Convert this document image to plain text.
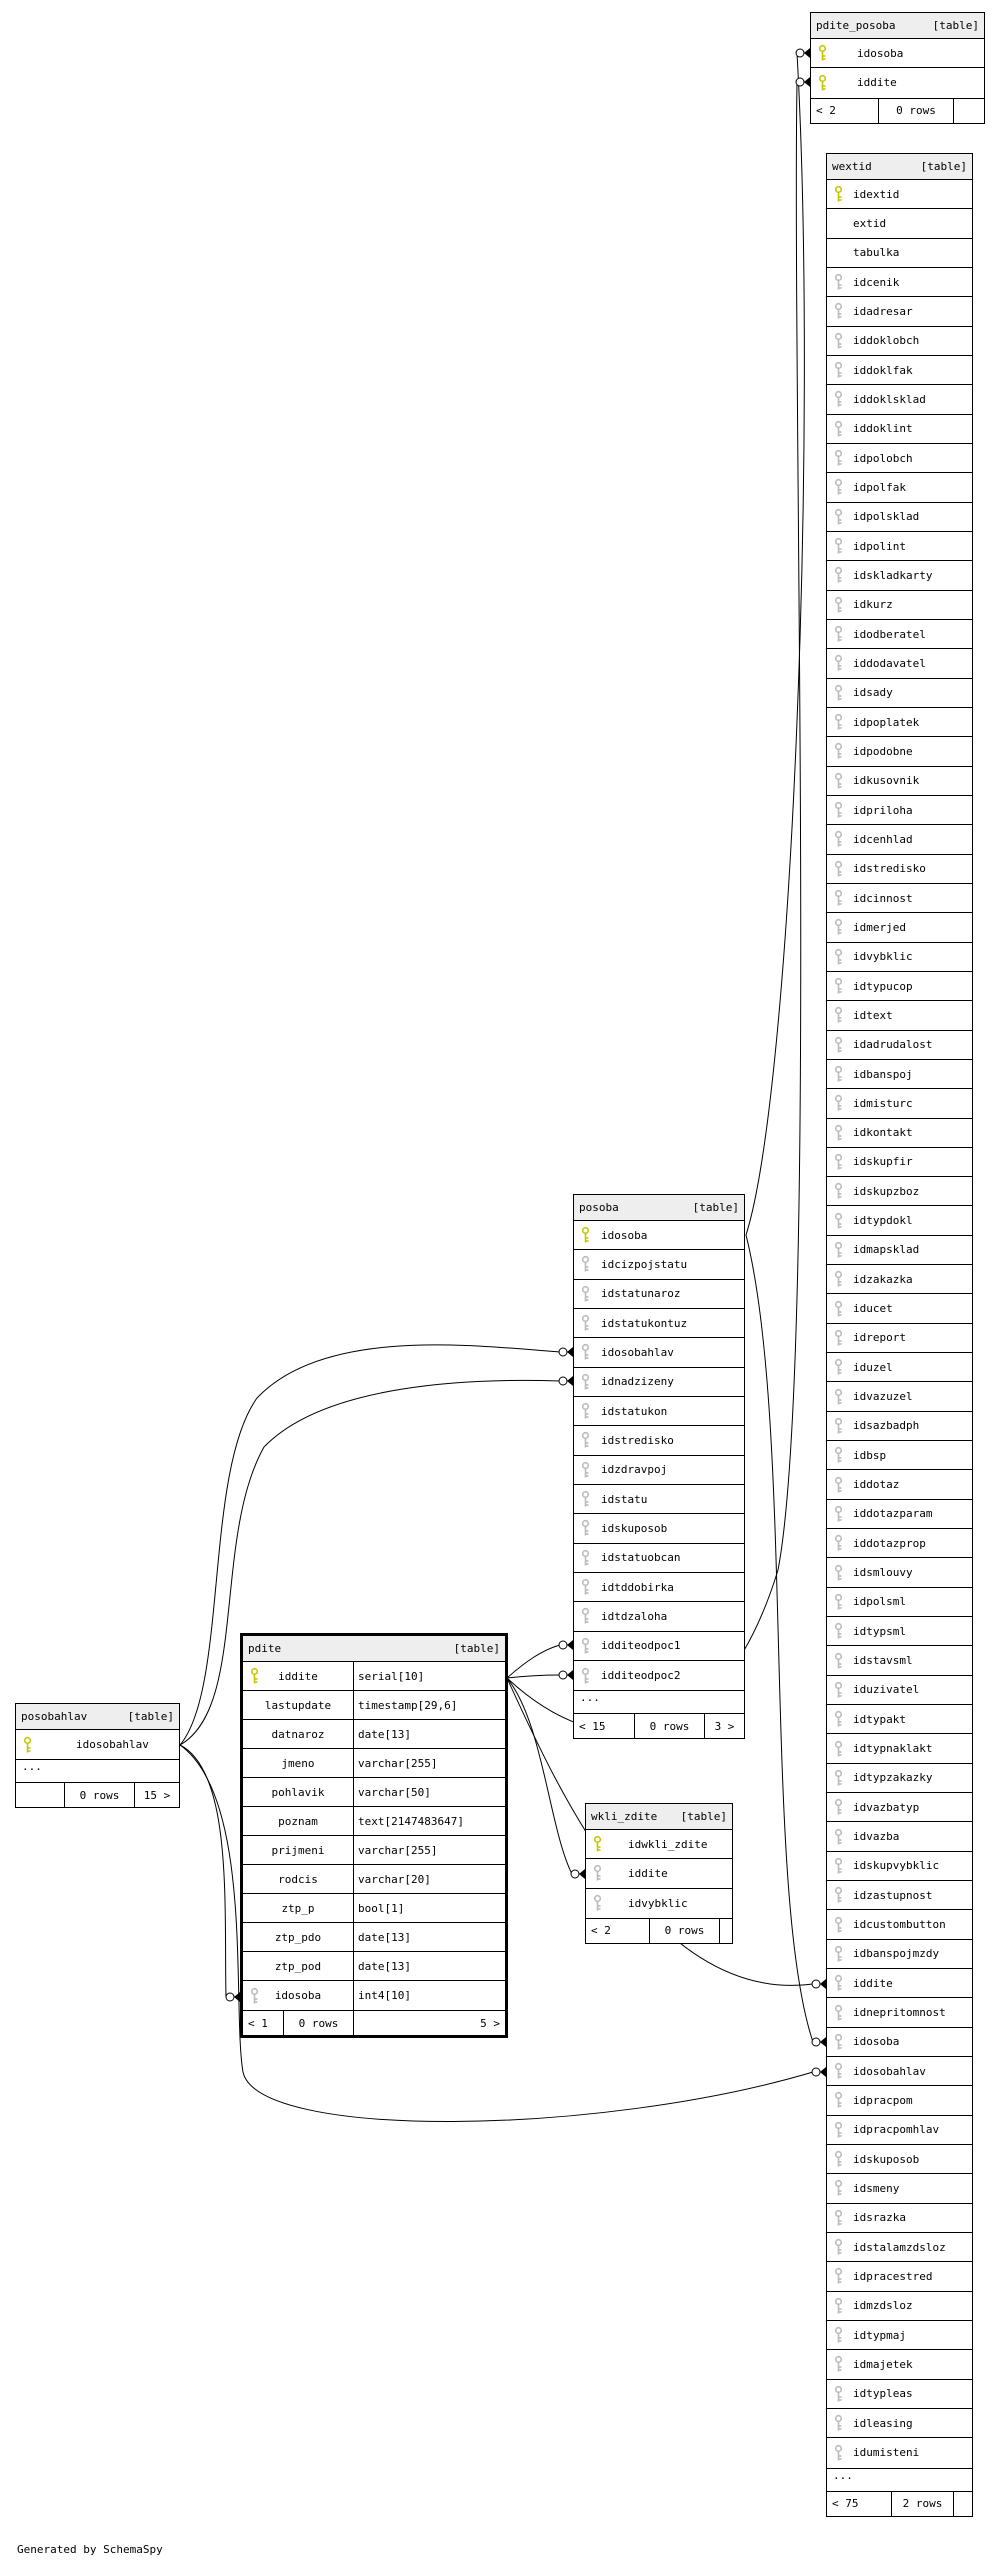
pdite_posoba	[table]
idosoba
iddite
< 2	0 rows
wextid	[table]
idextid
extid
tabulka
idcenik
idadresar
iddoklobch
iddoklfak
iddoklsklad
iddoklint
idpolobch
idpolfak
idpolsklad
idpolint
idskladkarty
idkurz
idodberatel
iddodavatel
idsady
idpoplatek
idpodobne
idkusovnik
idpriloha
idcenhlad
idstredisko
idcinnost
idmerjed
idvybklic
idtypucop
idtext
idadrudalost
idbanspoj
idmisturc
idkontakt
idskupfir
idskupzboz
idtypdokl
idmapsklad
idzakazka
iducet
idreport
iduzel
idvazuzel
idsazbadph
idbsp
iddotaz
iddotazparam
iddotazprop
idsmlouvy
idpolsml
idtypsml
idstavsml
iduzivatel
idtypakt
idtypnaklakt
idtypzakazky
idvazbatyp
idvazba
idskupvybklic
idzastupnost
idcustombutton
idbanspojmzdy
iddite
idnepritomnost
idosoba
idosobahlav
idpracpom
idpracpomhlav
idskuposob
idsmeny
idsrazka
idstalamzdsloz
idpracestred
idmzdsloz
idtypmaj
idmajetek
idtypleas
idleasing
idumisteni
...
< 75	2 rows
posoba	[table]
idosoba
idcizpojstatu
idstatunaroz
idstatukontuz
idosobahlav
idnadzizeny
idstatukon
idstredisko
idzdravpoj
idstatu
idskuposob
idstatuobcan
idtddobirka
idtdzaloha
idditeodpoc1
idditeodpoc2
...
< 15	0 rows	3 >
pdite	[table]
iddite	serial[10]
lastupdate timestamp[29,6]
datnaroz	date[13]
jmeno	varchar[255]
pohlavik	varchar[50]
poznam	text[2147483647]
prijmeni	varchar[255]
rodcis	varchar[20]
ztp_p	bool[1]
ztp_pdo	date[13]
ztp_pod	date[13]
idosoba	int4[10]
< 1	0 rows	5 >
posobahlav	[table]
idosobahlav
...
0 rows	15 >
wkli_zdite [table]
idwkli_zdite
iddite
idvybklic
< 2	0 rows
Generated by SchemaSpy
